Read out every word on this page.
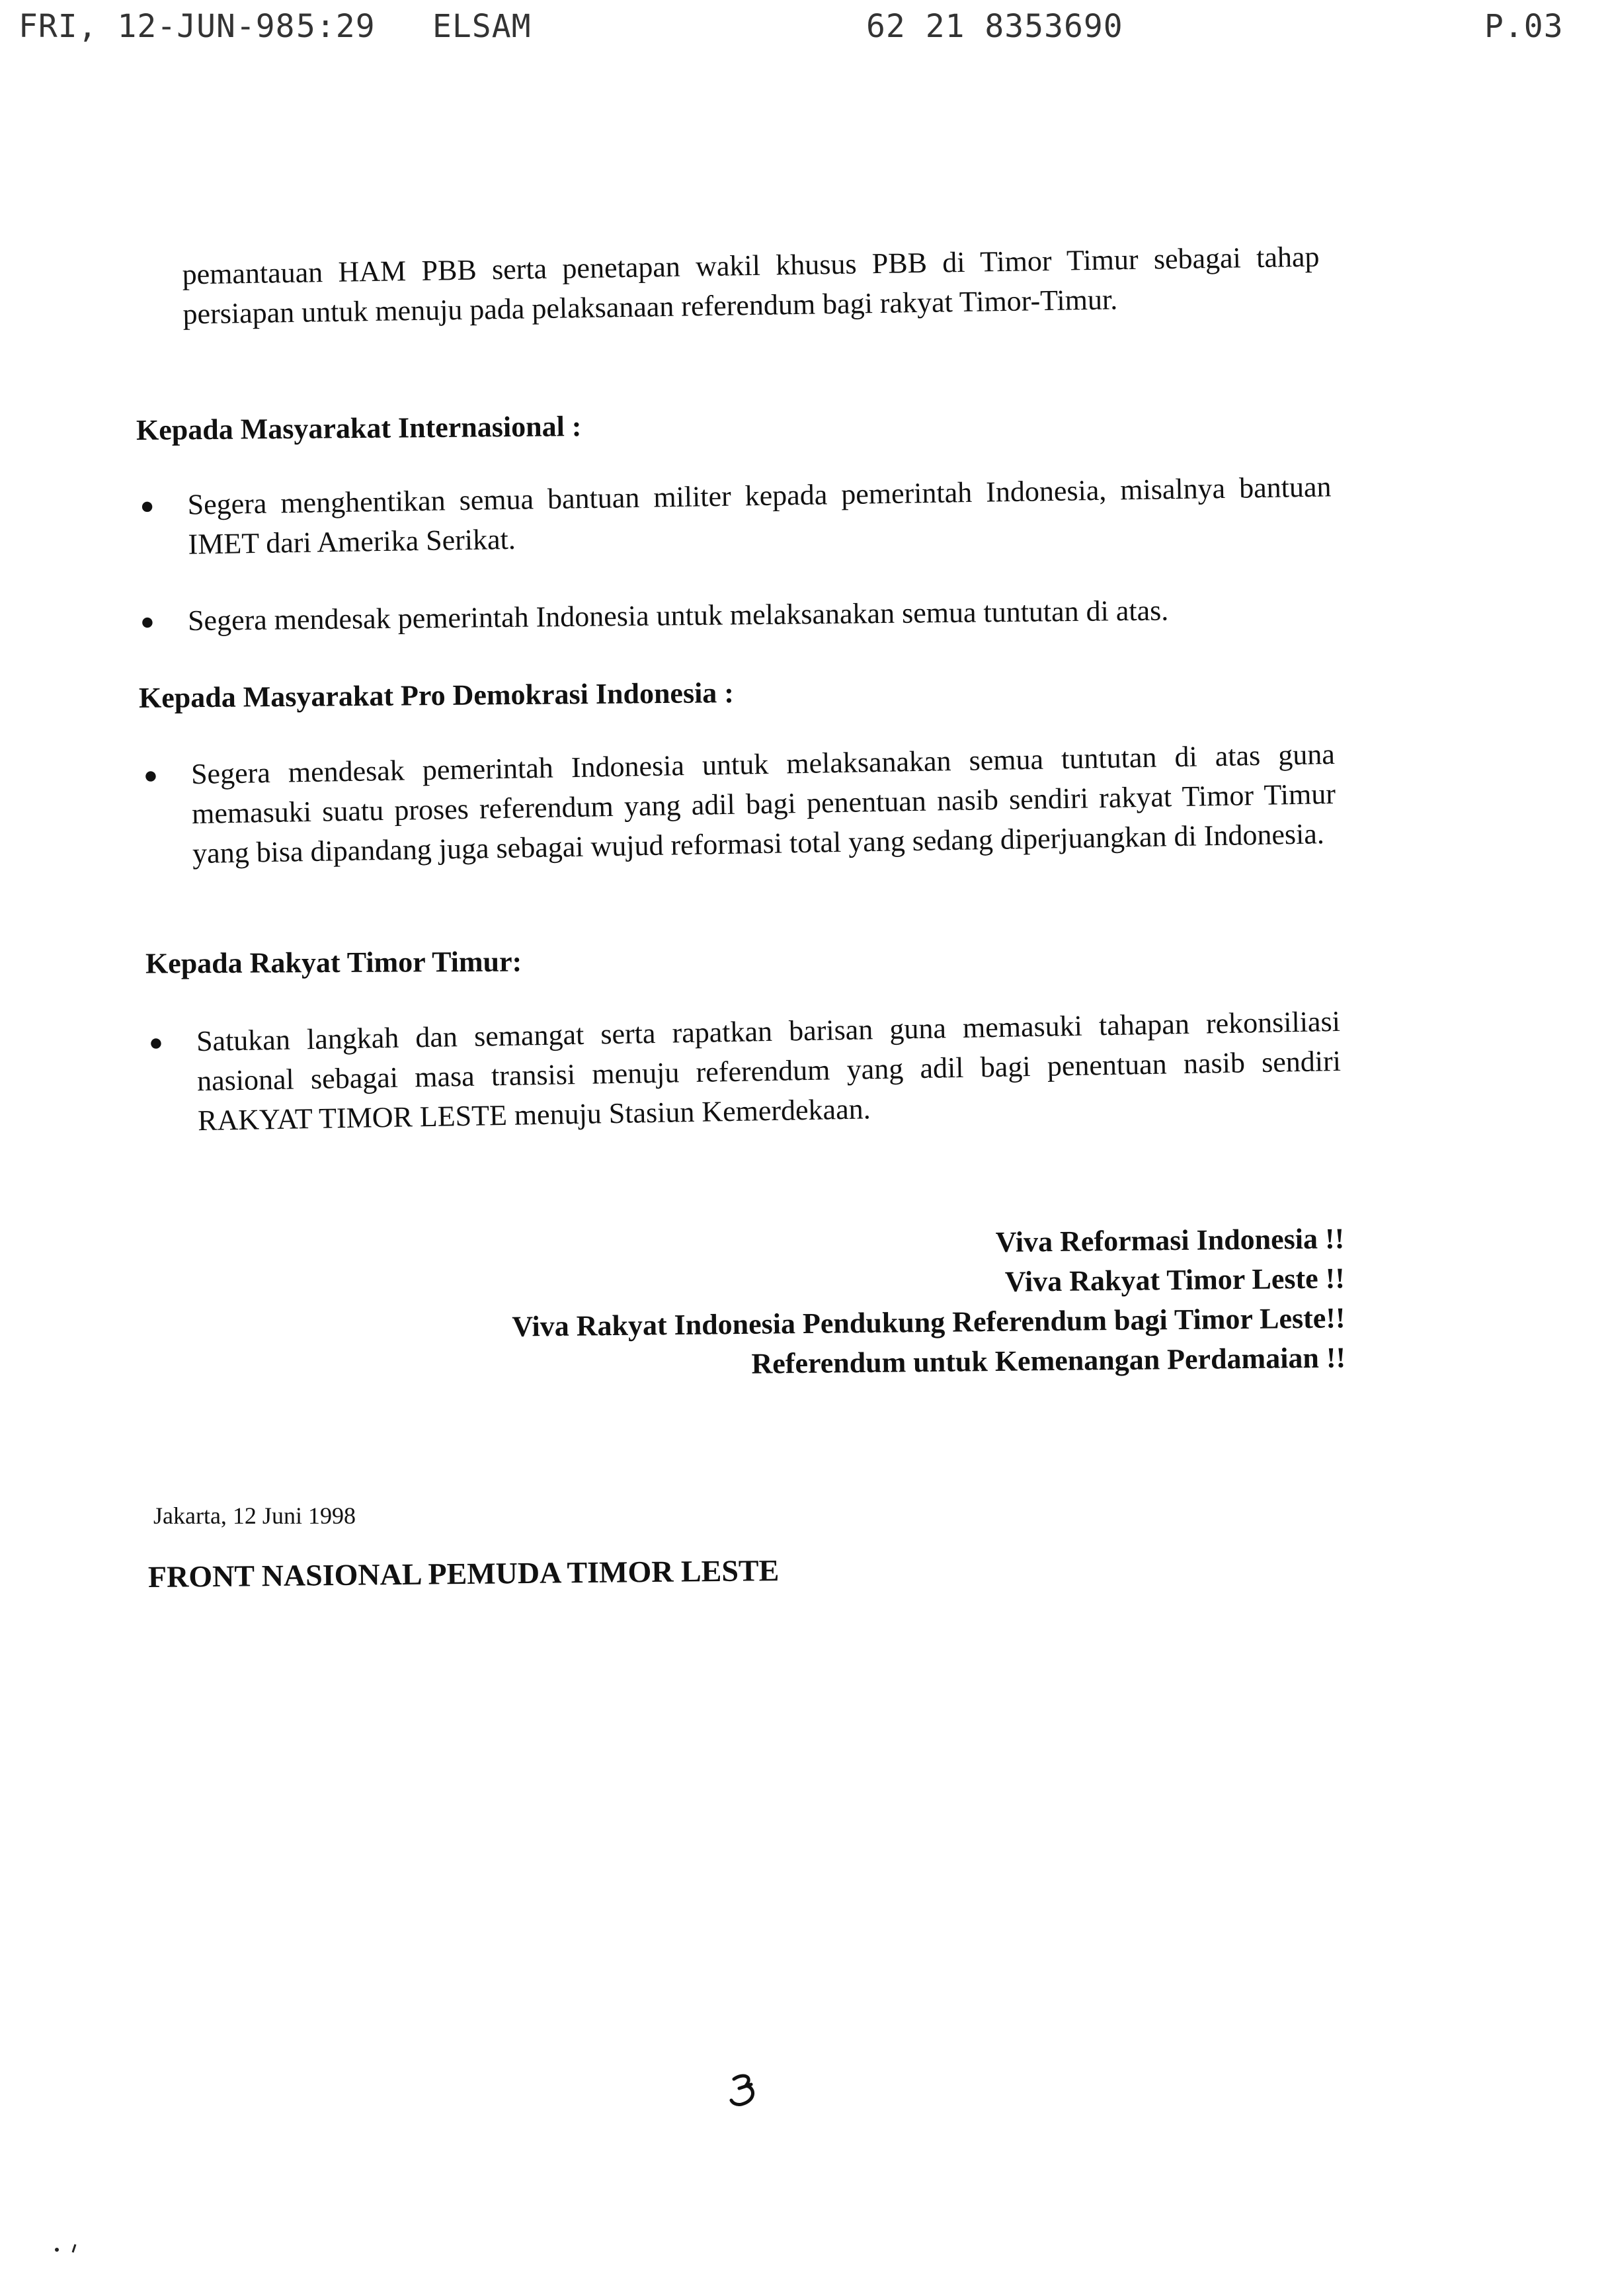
FRI, 12-JUN-98 5:29 ELSAM	62 21 8353690	P.03
pemantauan HAM PBB serta penetapan wakil khusus PBB di Timor Timur sebagai tahap persiapan untuk menuju pada pelaksanaan referendum bagi rakyat Timor-Timur.
Kepada Masyarakat Internasional :
● Segera menghentikan semua bantuan militer kepada pemerintah Indonesia, misalnya bantuan IMET dari Amerika Serikat.
● Segera mendesak pemerintah Indonesia untuk melaksanakan semua tuntutan di atas.
Kepada Masyarakat Pro Demokrasi Indonesia :
● Segera mendesak pemerintah Indonesia untuk melaksanakan semua tuntutan di atas guna memasuki suatu proses referendum yang adil bagi penentuan nasib sendiri rakyat Timor Timur yang bisa dipandang juga sebagai wujud reformasi total yang sedang diperjuangkan di Indonesia.
Kepada Rakyat Timor Timur:
● Satukan langkah dan semangat serta rapatkan barisan guna memasuki tahapan rekonsiliasi nasional sebagai masa transisi menuju referendum yang adil bagi penentuan nasib sendiri RAKYAT TIMOR LESTE menuju Stasiun Kemerdekaan.
Viva Reformasi Indonesia !!
Viva Rakyat Timor Leste !!
Viva Rakyat Indonesia Pendukung Referendum bagi Timor Leste!!
Referendum untuk Kemenangan Perdamaian !!
Jakarta, 12 Juni 1998
FRONT NASIONAL PEMUDA TIMOR LESTE
